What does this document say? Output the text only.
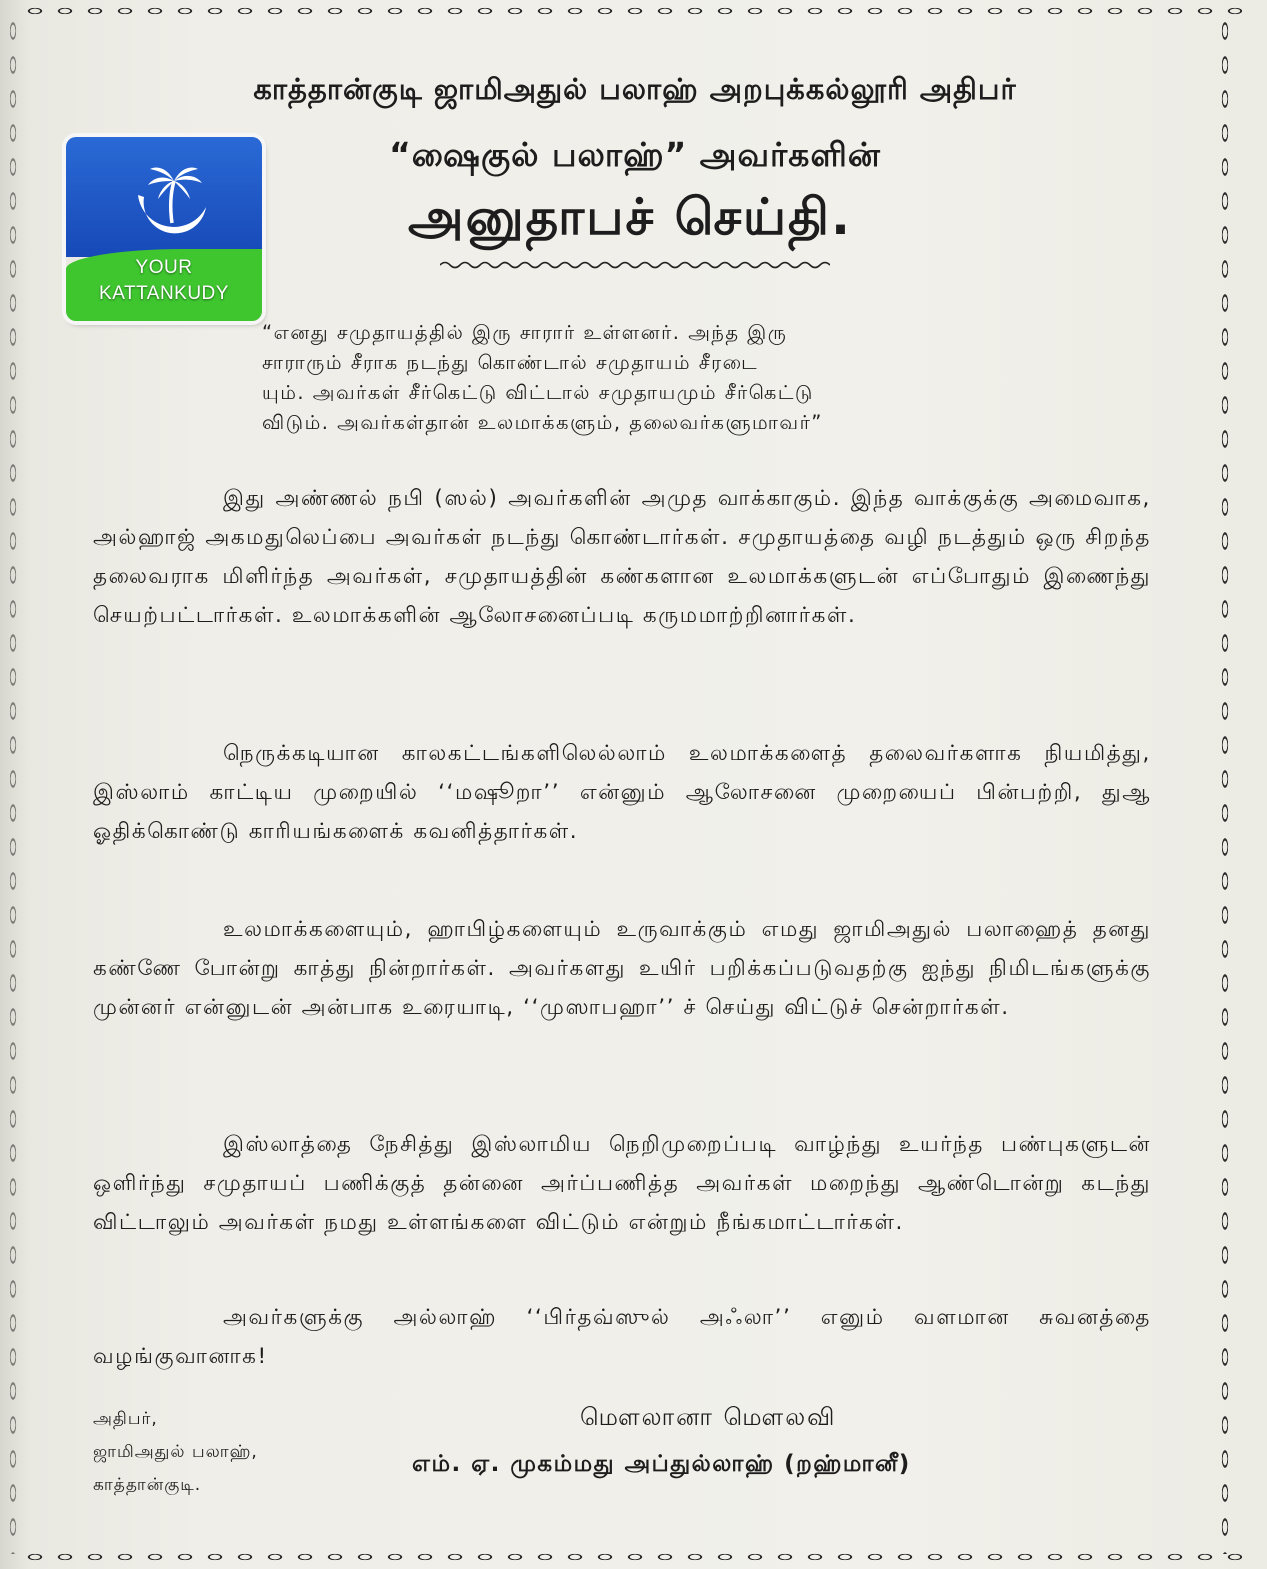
YOUR
KATTANKUDY
காத்தான்குடி ஜாமிஅதுல் பலாஹ் அறபுக்கல்லூரி அதிபர்
“ஷைகுல் பலாஹ்” அவர்களின்
அனுதாபச் செய்தி.
“எனது சமுதாயத்தில் இரு சாரார் உள்ளனர். அந்த இரு
சாராரும் சீராக நடந்து கொண்டால் சமுதாயம் சீரடை
யும். அவர்கள் சீர்கெட்டு விட்டால் சமுதாயமும் சீர்கெட்டு
விடும். அவர்கள்தான் உலமாக்களும், தலைவர்களுமாவர்”
இது அண்ணல் நபி (ஸல்) அவர்களின் அமுத வாக்காகும். இந்த வாக்குக்கு அமைவாக, அல்ஹாஜ் அகமதுலெப்பை அவர்கள் நடந்து கொண்டார்கள். சமுதாயத்தை வழி நடத்தும் ஒரு சிறந்த தலைவராக மிளிர்ந்த அவர்கள், சமுதாயத்தின் கண்களான உலமாக்களுடன் எப்போதும் இணைந்து செயற்பட்டார்கள். உலமாக்களின் ஆலோசனைப்படி கருமமாற்றினார்கள்.
நெருக்கடியான காலகட்டங்களிலெல்லாம் உலமாக்களைத் தலைவர்களாக நியமித்து, இஸ்லாம் காட்டிய முறையில் ‘‘மஷூறா’’ என்னும் ஆலோசனை முறையைப் பின்பற்றி, துஆ ஓதிக்கொண்டு காரியங்களைக் கவனித்தார்கள்.
உலமாக்களையும், ஹாபிழ்களையும் உருவாக்கும் எமது ஜாமிஅதுல் பலாஹைத் தனது கண்ணே போன்று காத்து நின்றார்கள். அவர்களது உயிர் பறிக்கப்படுவதற்கு ஐந்து நிமிடங்களுக்கு முன்னர் என்னுடன் அன்பாக உரையாடி, ‘‘முஸாபஹா’’ ச் செய்து விட்டுச் சென்றார்கள்.
இஸ்லாத்தை நேசித்து இஸ்லாமிய நெறிமுறைப்படி வாழ்ந்து உயர்ந்த பண்புகளுடன் ஒளிர்ந்து சமுதாயப் பணிக்குத் தன்னை அர்ப்பணித்த அவர்கள் மறைந்து ஆண்டொன்று கடந்து விட்டாலும் அவர்கள் நமது உள்ளங்களை விட்டும் என்றும் நீங்கமாட்டார்கள்.
அவர்களுக்கு அல்லாஹ் ‘‘பிர்தவ்ஸுல் அஃலா’’ எனும் வளமான சுவனத்தை வழங்குவானாக!
அதிபர்,
ஜாமிஅதுல் பலாஹ்,
காத்தான்குடி.
மௌலானா மௌலவி
எம். ஏ. முகம்மது அப்துல்லாஹ் (றஹ்மானீ)
